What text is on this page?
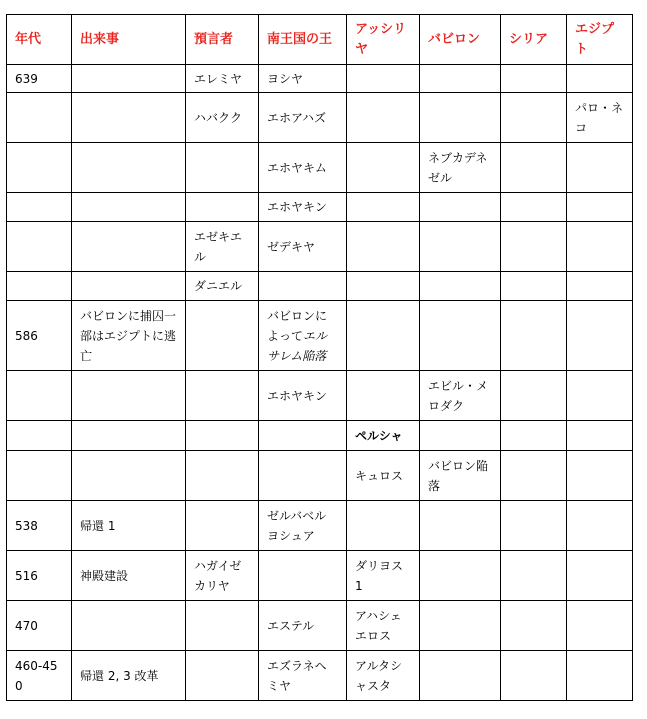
年代	出来事	預言者	南王国の王	アッシリヤ	バビロン	シリア	エジプト
639		エレミヤ	ヨシヤ				
		ハバクク	エホアハズ				パロ・ネコ
			エホヤキム		ネブカデネゼル		
			エホヤキン				
		エゼキエル	ゼデキヤ				
		ダニエル					
586	バビロンに捕囚一部はエジプトに逃亡		バビロンによってエルサレム陥落				
			エホヤキン		エビル・メロダク		
				ペルシャ			
				キュロス	バビロン陥落		
538	帰還 1		ゼルバベルヨシュア				
516	神殿建設	ハガイゼカリヤ		ダリヨス 1			
470			エステル	アハシェエロス			
460-450	帰還 2, 3 改革		エズラネヘミヤ	アルタシャスタ			
